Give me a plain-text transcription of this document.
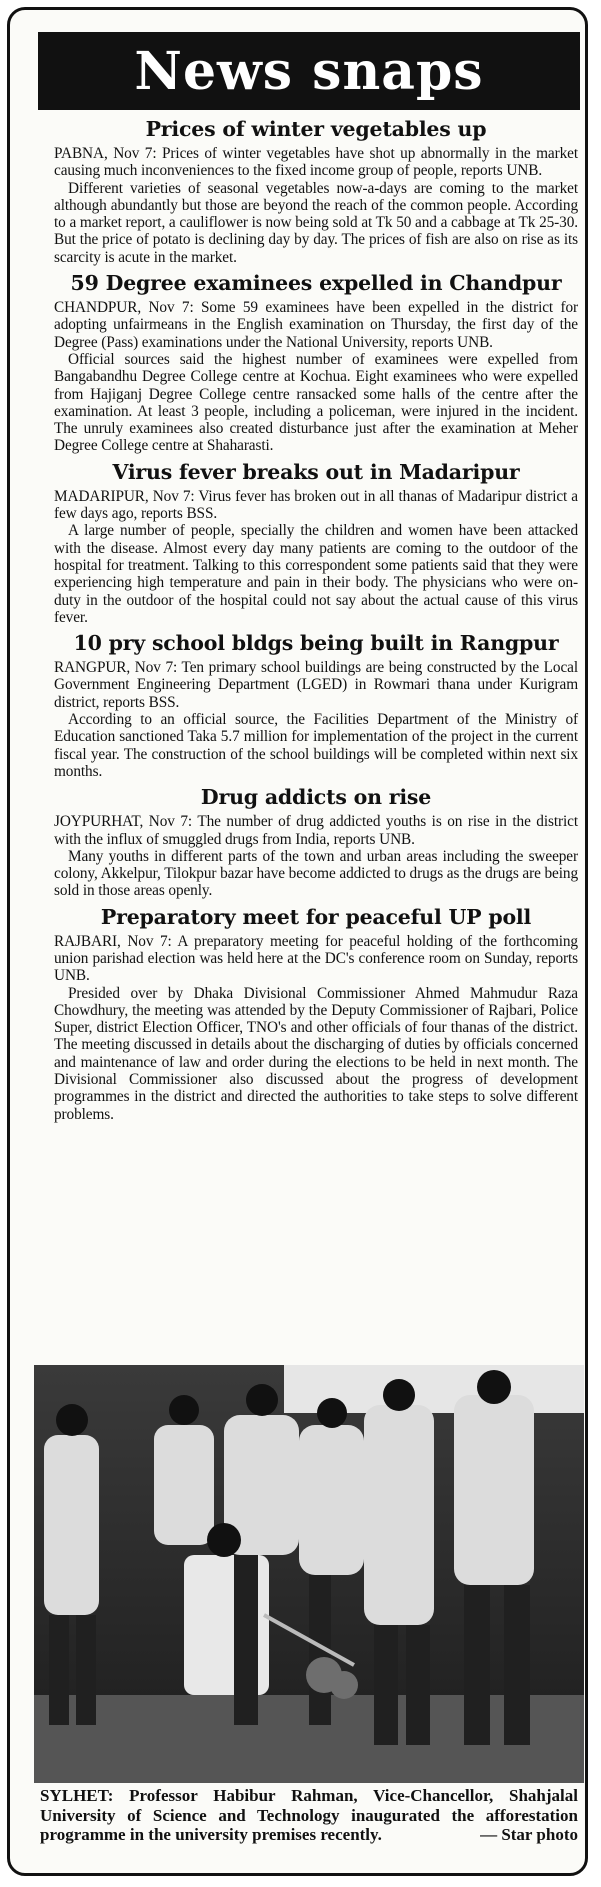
News snaps
Prices of winter vegetables up

PABNA, Nov 7: Prices of winter vegetables have shot up abnormally in the market causing much inconveniences to the fixed income group of people, reports UNB.

Different varieties of seasonal vegetables now-a-days are coming to the market although abundantly but those are beyond the reach of the common people. According to a market report, a cauliflower is now being sold at Tk 50 and a cabbage at Tk 25-30. But the price of potato is declining day by day. The prices of fish are also on rise as its scarcity is acute in the market.

59 Degree examinees expelled in Chandpur

CHANDPUR, Nov 7: Some 59 examinees have been expelled in the district for adopting unfairmeans in the English examination on Thursday, the first day of the Degree (Pass) examinations under the National University, reports UNB.

Official sources said the highest number of examinees were expelled from Bangabandhu Degree College centre at Kochua. Eight examinees who were expelled from Hajiganj Degree College centre ransacked some halls of the centre after the examination. At least 3 people, including a policeman, were injured in the incident. The unruly examinees also created disturbance just after the examination at Meher Degree College centre at Shaharasti.

Virus fever breaks out in Madaripur

MADARIPUR, Nov 7: Virus fever has broken out in all thanas of Madaripur district a few days ago, reports BSS.

A large number of people, specially the children and women have been attacked with the disease. Almost every day many patients are coming to the outdoor of the hospital for treatment. Talking to this correspondent some patients said that they were experiencing high temperature and pain in their body. The physicians who were on-duty in the outdoor of the hospital could not say about the actual cause of this virus fever.

10 pry school bldgs being built in Rangpur

RANGPUR, Nov 7: Ten primary school buildings are being constructed by the Local Government Engineering Department (LGED) in Rowmari thana under Kurigram district, reports BSS.

According to an official source, the Facilities Department of the Ministry of Education sanctioned Taka 5.7 million for implementation of the project in the current fiscal year. The construction of the school buildings will be completed within next six months.

Drug addicts on rise

JOYPURHAT, Nov 7: The number of drug addicted youths is on rise in the district with the influx of smuggled drugs from India, reports UNB.

Many youths in different parts of the town and urban areas including the sweeper colony, Akkelpur, Tilokpur bazar have become addicted to drugs as the drugs are being sold in those areas openly.

Preparatory meet for peaceful UP poll

RAJBARI, Nov 7: A preparatory meeting for peaceful holding of the forthcoming union parishad election was held here at the DC's conference room on Sunday, reports UNB.

Presided over by Dhaka Divisional Commissioner Ahmed Mahmudur Raza Chowdhury, the meeting was attended by the Deputy Commissioner of Rajbari, Police Super, district Election Officer, TNO's and other officials of four thanas of the district. The meeting discussed in details about the discharging of duties by officials concerned and maintenance of law and order during the elections to be held in next month. The Divisional Commissioner also discussed about the progress of development programmes in the district and directed the authorities to take steps to solve different problems.

SYLHET: Professor Habibur Rahman, Vice-Chancellor, Shahjalal University of Science and Technology inaugurated the afforestation programme in the university premises recently.	— Star photo
